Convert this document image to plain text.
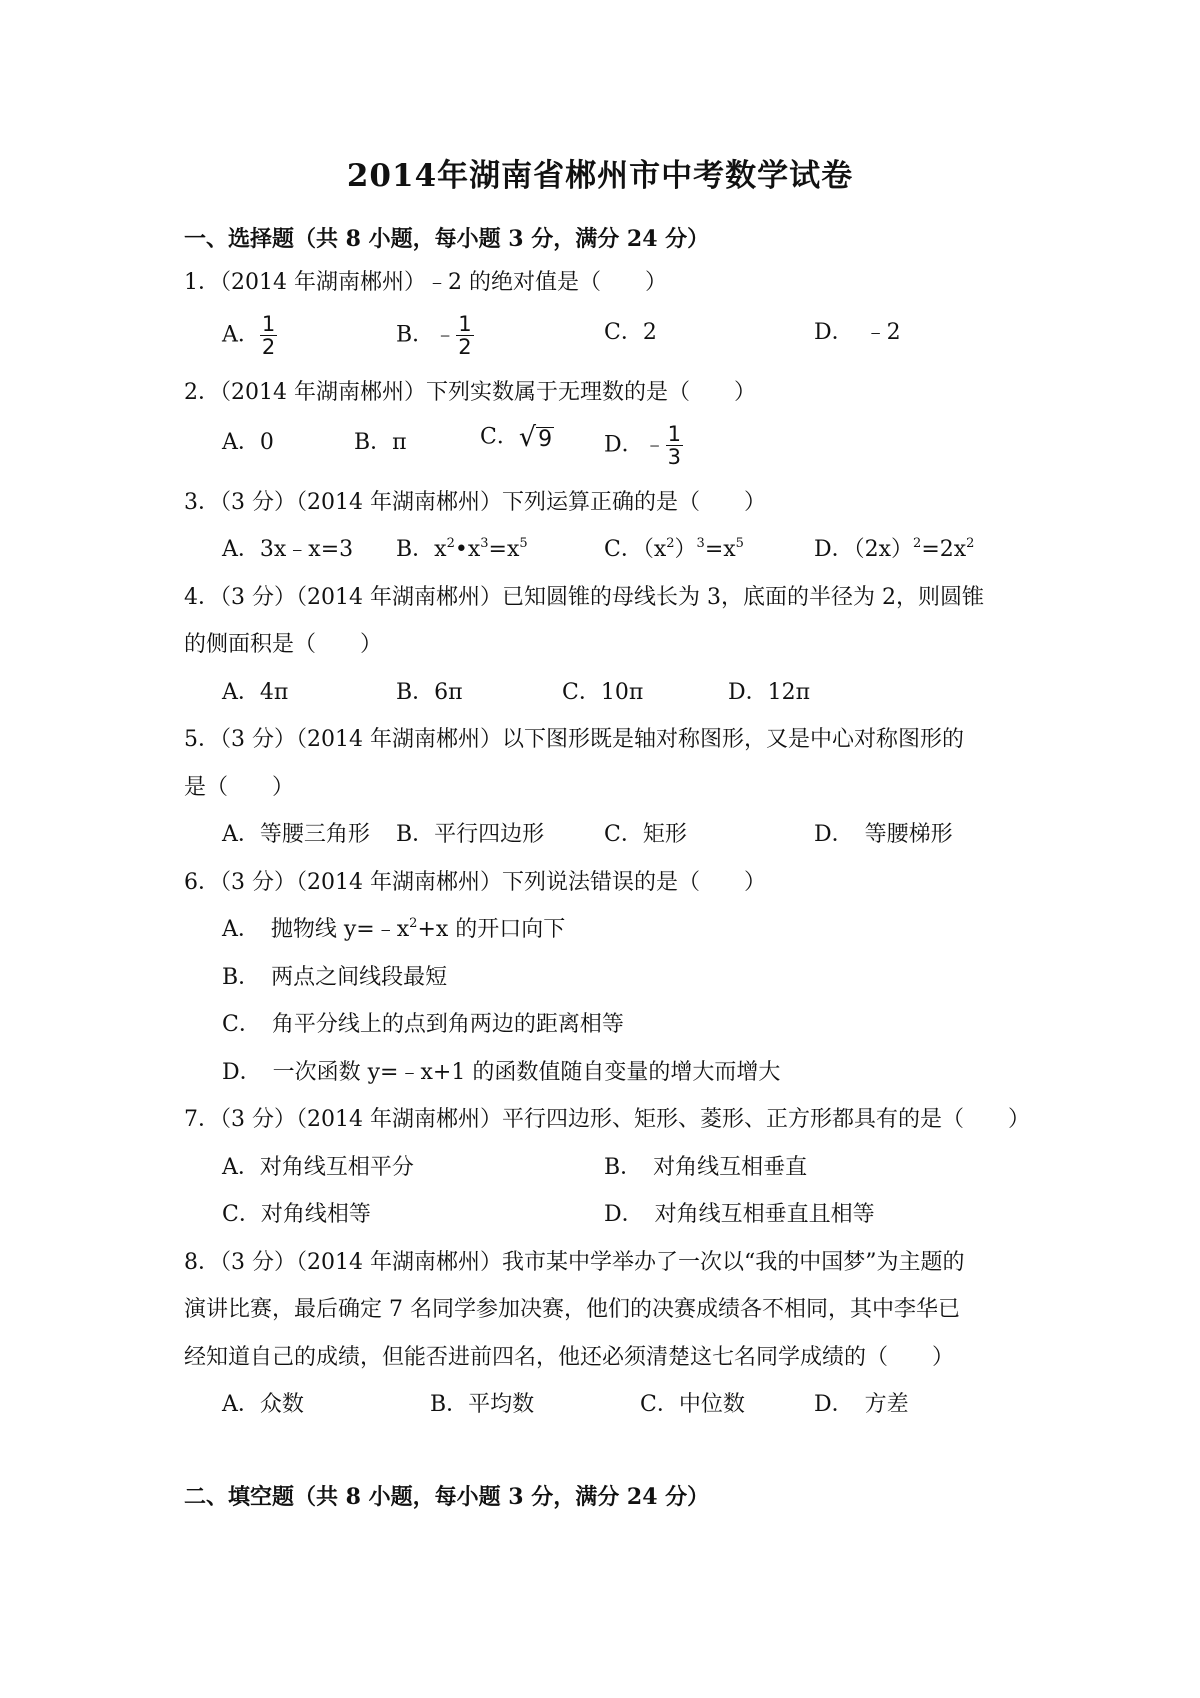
2014年湖南省郴州市中考数学试卷
一、选择题（共 8 小题，每小题 3 分，满分 24 分）
1．（2014 年湖南郴州）﹣2 的绝对值是（　　）
A． $\frac{1}{2}$	B．﹣ $\frac{1}{2}$	C．2	D．　﹣2
2．（2014 年湖南郴州）下列实数属于无理数的是（　　）
A．0	B．π	C． √ 9 D．﹣ $\frac{1}{3}$
3．（3 分）（2014 年湖南郴州）下列运算正确的是（　　）
A．3x﹣x=3 B．$x^2•x^3=x^5$	C．$(x^2)^3=x^5$	D．$(2x)^2=2x^2$
4．（3 分）（2014 年湖南郴州）已知圆锥的母线长为 3，底面的半径为 2，则圆锥
的侧面积是（　　）
A．4π	B．6π	C．10π	D．12π
5．（3 分）（2014 年湖南郴州）以下图形既是轴对称图形，又是中心对称图形的
是（　　）
A．等腰三角形 B．平行四边形	C．矩形	D．　等腰梯形
6．（3 分）（2014 年湖南郴州）下列说法错误的是（　　）
A．　抛物线 $y=﹣x^2+x$ 的开口向下
B．　两点之间线段最短
C．　角平分线上的点到角两边的距离相等
D．　一次函数 y=﹣x+1 的函数值随自变量的增大而增大
7．（3 分）（2014 年湖南郴州）平行四边形、矩形、菱形、正方形都具有的是（　　）
A．对角线互相平分	B．　对角线互相垂直
C．对角线相等	D．　对角线互相垂直且相等
8．（3 分）（2014 年湖南郴州）我市某中学举办了一次以“我的中国梦”为主题的
演讲比赛，最后确定 7 名同学参加决赛，他们的决赛成绩各不相同，其中李华已
经知道自己的成绩，但能否进前四名，他还必须清楚这七名同学成绩的（　　）
A．众数	B．平均数	C．中位数	D．　方差
二、填空题（共 8 小题，每小题 3 分，满分 24 分）
